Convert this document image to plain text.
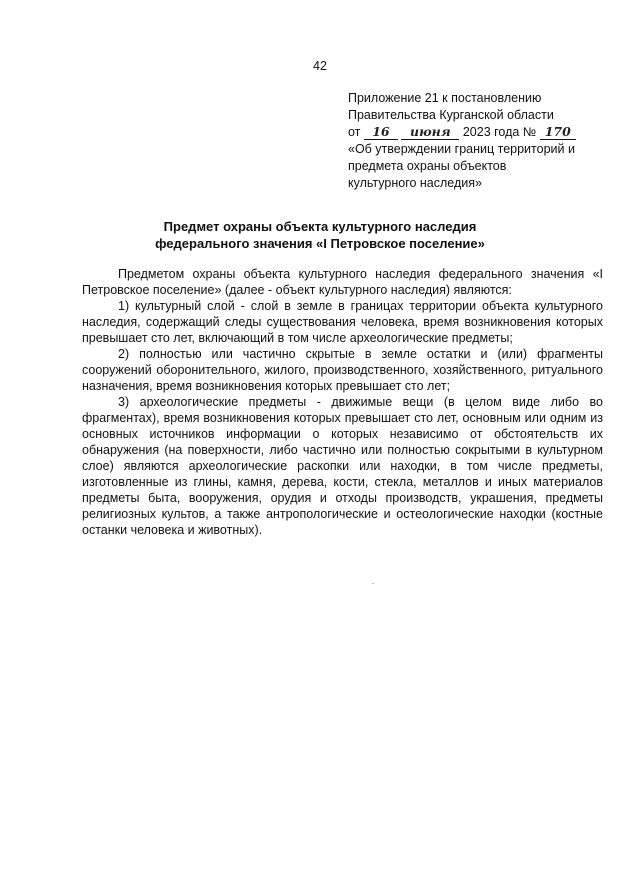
42
Приложение 21 к постановлению
Правительства Курганской области
от 16 июня 2023 года № 170
«Об утверждении границ территорий и
предмета охраны объектов
культурного наследия»
Предмет охраны объекта культурного наследия
федерального значения «I Петровское поселение»

Предметом охраны объекта культурного наследия федерального значения «I Петровское поселение» (далее - объект культурного наследия) являются:

1) культурный слой - слой в земле в границах территории объекта культурного наследия, содержащий следы существования человека, время возникновения которых превышает сто лет, включающий в том числе археологические предметы;

2) полностью или частично скрытые в земле остатки и (или) фрагменты сооружений оборонительного, жилого, производственного, хозяйственного, ритуального назначения, время возникновения которых превышает сто лет;

3) археологические предметы - движимые вещи (в целом виде либо во фрагментах), время возникновения которых превышает сто лет, основным или одним из основных источников информации о которых независимо от обстоятельств их обнаружения (на поверхности, либо частично или полностью сокрытыми в культурном слое) являются археологические раскопки или находки, в том числе предметы, изготовленные из глины, камня, дерева, кости, стекла, металлов и иных материалов предметы быта, вооружения, орудия и отходы производств, украшения, предметы религиозных культов, а также антропологические и остеологические находки (костные останки человека и животных).
